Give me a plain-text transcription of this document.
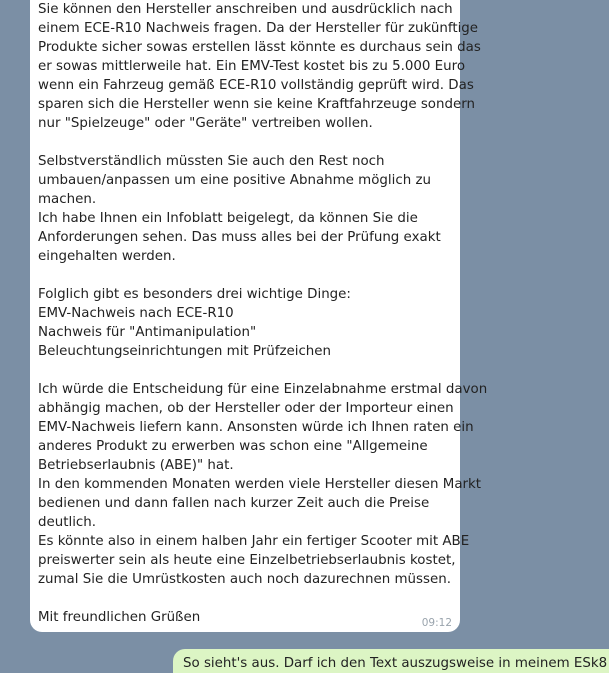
Sie können den Hersteller anschreiben und ausdrücklich nach
einem ECE-R10 Nachweis fragen. Da der Hersteller für zukünftige
Produkte sicher sowas erstellen lässt könnte es durchaus sein das
er sowas mittlerweile hat. Ein EMV-Test kostet bis zu 5.000 Euro
wenn ein Fahrzeug gemäß ECE-R10 vollständig geprüft wird. Das
sparen sich die Hersteller wenn sie keine Kraftfahrzeuge sondern
nur "Spielzeuge" oder "Geräte" vertreiben wollen.
Selbstverständlich müssten Sie auch den Rest noch
umbauen/anpassen um eine positive Abnahme möglich zu
machen.
Ich habe Ihnen ein Infoblatt beigelegt, da können Sie die
Anforderungen sehen. Das muss alles bei der Prüfung exakt
eingehalten werden.
Folglich gibt es besonders drei wichtige Dinge:
EMV-Nachweis nach ECE-R10
Nachweis für "Antimanipulation"
Beleuchtungseinrichtungen mit Prüfzeichen
Ich würde die Entscheidung für eine Einzelabnahme erstmal davon
abhängig machen, ob der Hersteller oder der Importeur einen
EMV-Nachweis liefern kann. Ansonsten würde ich Ihnen raten ein
anderes Produkt zu erwerben was schon eine "Allgemeine
Betriebserlaubnis (ABE)" hat.
In den kommenden Monaten werden viele Hersteller diesen Markt
bedienen und dann fallen nach kurzer Zeit auch die Preise
deutlich.
Es könnte also in einem halben Jahr ein fertiger Scooter mit ABE
preiswerter sein als heute eine Einzelbetriebserlaubnis kostet,
zumal Sie die Umrüstkosten auch noch dazurechnen müssen.
Mit freundlichen Grüßen	09:12
So sieht's aus. Darf ich den Text auszugsweise in meinem ESk8
